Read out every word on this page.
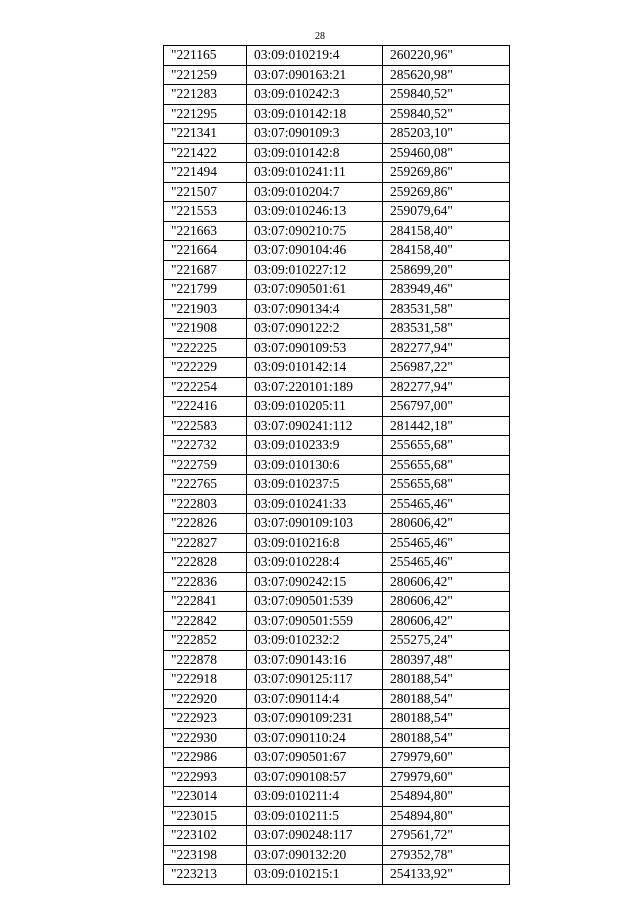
28
"221165	03:09:010219:4	260220,96"
"221259	03:07:090163:21	285620,98"
"221283	03:09:010242:3	259840,52"
"221295	03:09:010142:18	259840,52"
"221341	03:07:090109:3	285203,10"
"221422	03:09:010142:8	259460,08"
"221494	03:09:010241:11	259269,86"
"221507	03:09:010204:7	259269,86"
"221553	03:09:010246:13	259079,64"
"221663	03:07:090210:75	284158,40"
"221664	03:07:090104:46	284158,40"
"221687	03:09:010227:12	258699,20"
"221799	03:07:090501:61	283949,46"
"221903	03:07:090134:4	283531,58"
"221908	03:07:090122:2	283531,58"
"222225	03:07:090109:53	282277,94"
"222229	03:09:010142:14	256987,22"
"222254	03:07:220101:189	282277,94"
"222416	03:09:010205:11	256797,00"
"222583	03:07:090241:112	281442,18"
"222732	03:09:010233:9	255655,68"
"222759	03:09:010130:6	255655,68"
"222765	03:09:010237:5	255655,68"
"222803	03:09:010241:33	255465,46"
"222826	03:07:090109:103	280606,42"
"222827	03:09:010216:8	255465,46"
"222828	03:09:010228:4	255465,46"
"222836	03:07:090242:15	280606,42"
"222841	03:07:090501:539	280606,42"
"222842	03:07:090501:559	280606,42"
"222852	03:09:010232:2	255275,24"
"222878	03:07:090143:16	280397,48"
"222918	03:07:090125:117	280188,54"
"222920	03:07:090114:4	280188,54"
"222923	03:07:090109:231	280188,54"
"222930	03:07:090110:24	280188,54"
"222986	03:07:090501:67	279979,60"
"222993	03:07:090108:57	279979,60"
"223014	03:09:010211:4	254894,80"
"223015	03:09:010211:5	254894,80"
"223102	03:07:090248:117	279561,72"
"223198	03:07:090132:20	279352,78"
"223213	03:09:010215:1	254133,92"
